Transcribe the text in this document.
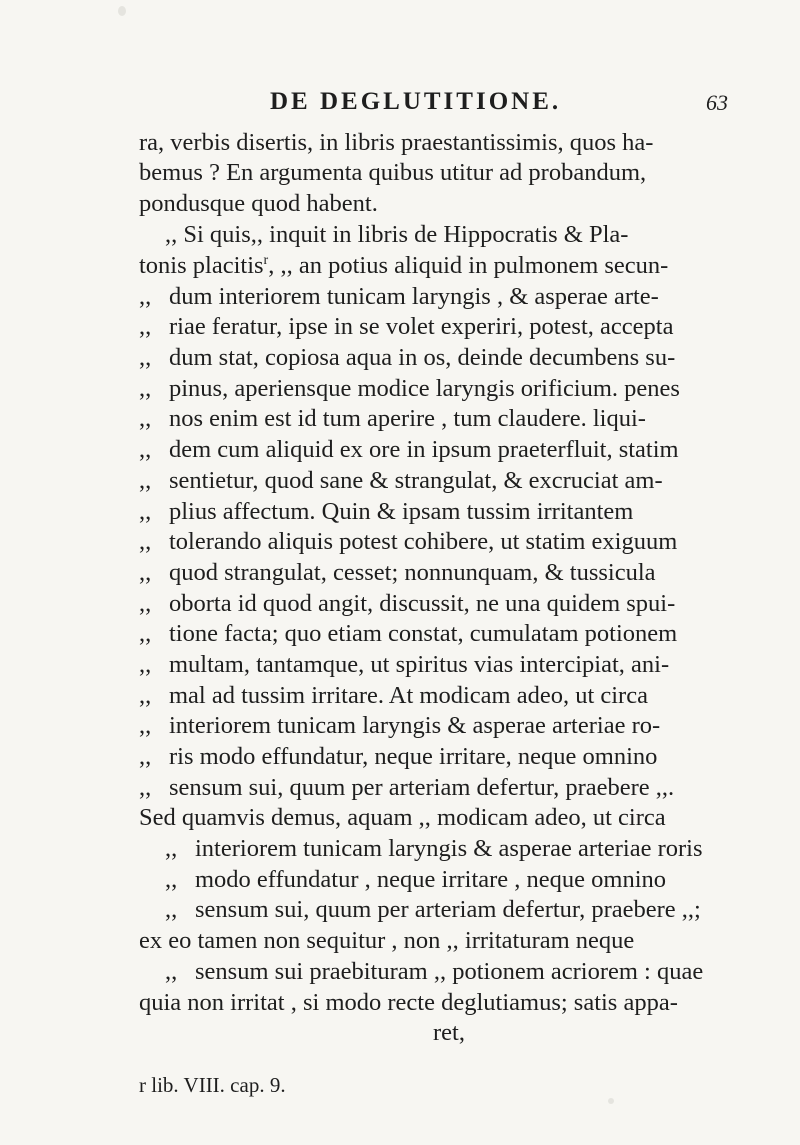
DE DEGLUTITIONE.	63
ra, verbis disertis, in libris praestantissimis, quos ha-
bemus ? En argumenta quibus utitur ad probandum,
pondusque quod habent.
,, Si quis,, inquit in libris de Hippocratis & Pla-
tonis placitis$^r$, ,, an potius aliquid in pulmonem secun-
,, dum interiorem tunicam laryngis , & asperae arte-
,, riae feratur, ipse in se volet experiri, potest, accepta
,, dum stat, copiosa aqua in os, deinde decumbens su-
,, pinus, aperiensque modice laryngis orificium. penes
,, nos enim est id tum aperire , tum claudere. liqui-
,, dem cum aliquid ex ore in ipsum praeterfluit, statim
,, sentietur, quod sane & strangulat, & excruciat am-
,, plius affectum. Quin & ipsam tussim irritantem
,, tolerando aliquis potest cohibere, ut statim exiguum
,, quod strangulat, cesset; nonnunquam, & tussicula
,, oborta id quod angit, discussit, ne una quidem spui-
,, tione facta; quo etiam constat, cumulatam potionem
,, multam, tantamque, ut spiritus vias intercipiat, ani-
,, mal ad tussim irritare. At modicam adeo, ut circa
,, interiorem tunicam laryngis & asperae arteriae ro-
,, ris modo effundatur, neque irritare, neque omnino
,, sensum sui, quum per arteriam defertur, praebere ,,.
Sed quamvis demus, aquam ,, modicam adeo, ut circa
,, interiorem tunicam laryngis & asperae arteriae roris
,, modo effundatur , neque irritare , neque omnino
,, sensum sui, quum per arteriam defertur, praebere ,,;
ex eo tamen non sequitur , non ,, irritaturam neque
,, sensum sui praebituram ,, potionem acriorem : quae
quia non irritat , si modo recte deglutiamus; satis appa-
ret,
r lib. VIII. cap. 9.
